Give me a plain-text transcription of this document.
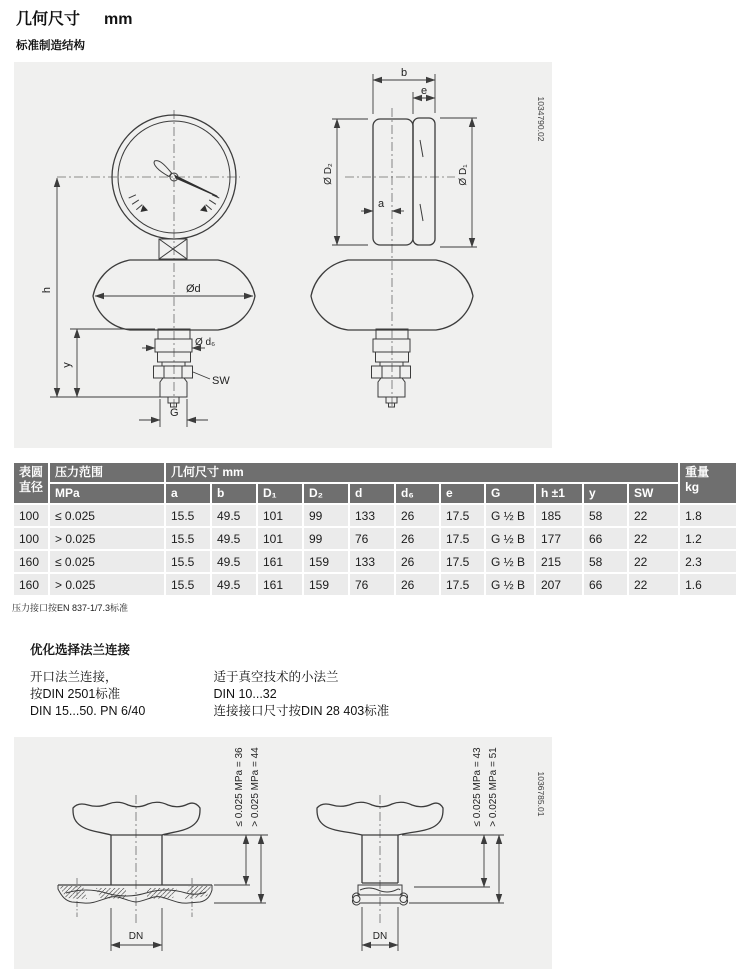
几何尺寸 mm
标准制造结构
Ød
Ø d₆
SW
G
h
y
b
e
Ø D₂	Ø D₁
a
1034790.02
表圆
直径	压力范围	几何尺寸 mm											重量
kg
	MPa	a	b	D₁	D₂	d	d₆	e	G	h ±1	y	SW	
100	≤ 0.025	15.5	49.5	101	99	133	26	17.5	G ½ B	185	58	22	1.8
100	> 0.025	15.5	49.5	101	99	76	26	17.5	G ½ B	177	66	22	1.2
160	≤ 0.025	15.5	49.5	161	159	133	26	17.5	G ½ B	215	58	22	2.3
160	> 0.025	15.5	49.5	161	159	76	26	17.5	G ½ B	207	66	22	1.6
压力接口按EN 837-1/7.3标准
优化选择法兰连接
开口法兰连接，
按DIN 2501标准
DIN 15...50. PN 6/40

适于真空技术的小法兰
DIN 10...32
连接接口尺寸按DIN 28 403标准
DN
≤ 0.025 MPa = 36 > 0.025 MPa = 44
DN
≤ 0.025 MPa = 43 > 0.025 MPa = 51	1036785.01
